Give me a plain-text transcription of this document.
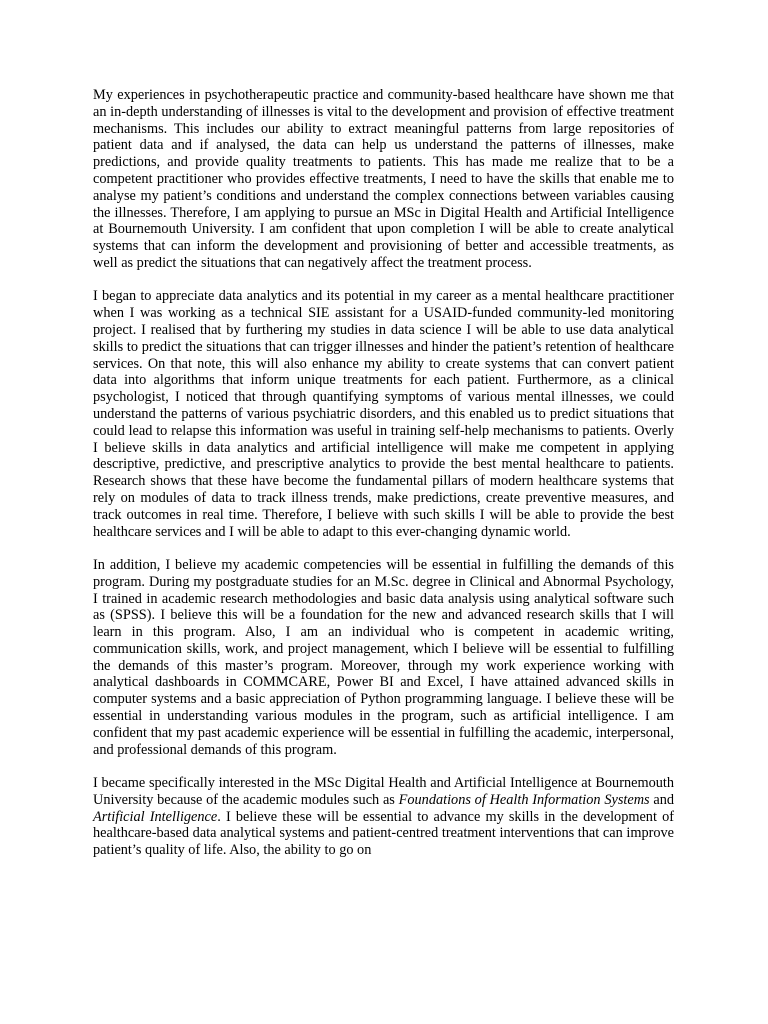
My experiences in psychotherapeutic practice and community-based healthcare have shown me that an in-depth understanding of illnesses is vital to the development and provision of effective treatment mechanisms. This includes our ability to extract meaningful patterns from large repositories of patient data and if analysed, the data can help us understand the patterns of illnesses, make predictions, and provide quality treatments to patients. This has made me realize that to be a competent practitioner who provides effective treatments, I need to have the skills that enable me to analyse my patient’s conditions and understand the complex connections between variables causing the illnesses. Therefore, I am applying to pursue an MSc in Digital Health and Artificial Intelligence at Bournemouth University. I am confident that upon completion I will be able to create analytical systems that can inform the development and provisioning of better and accessible treatments, as well as predict the situations that can negatively affect the treatment process.

I began to appreciate data analytics and its potential in my career as a mental healthcare practitioner when I was working as a technical SIE assistant for a USAID-funded community-led monitoring project. I realised that by furthering my studies in data science I will be able to use data analytical skills to predict the situations that can trigger illnesses and hinder the patient’s retention of healthcare services. On that note, this will also enhance my ability to create systems that can convert patient data into algorithms that inform unique treatments for each patient. Furthermore, as a clinical psychologist, I noticed that through quantifying symptoms of various mental illnesses, we could understand the patterns of various psychiatric disorders, and this enabled us to predict situations that could lead to relapse this information was useful in training self-help mechanisms to patients. Overly I believe skills in data analytics and artificial intelligence will make me competent in applying descriptive, predictive, and prescriptive analytics to provide the best mental healthcare to patients. Research shows that these have become the fundamental pillars of modern healthcare systems that rely on modules of data to track illness trends, make predictions, create preventive measures, and track outcomes in real time. Therefore, I believe with such skills I will be able to provide the best healthcare services and I will be able to adapt to this ever-changing dynamic world.

In addition, I believe my academic competencies will be essential in fulfilling the demands of this program. During my postgraduate studies for an M.Sc. degree in Clinical and Abnormal Psychology, I trained in academic research methodologies and basic data analysis using analytical software such as (SPSS). I believe this will be a foundation for the new and advanced research skills that I will learn in this program. Also, I am an individual who is competent in academic writing, communication skills, work, and project management, which I believe will be essential to fulfilling the demands of this master’s program. Moreover, through my work experience working with analytical dashboards in COMMCARE, Power BI and Excel, I have attained advanced skills in computer systems and a basic appreciation of Python programming language. I believe these will be essential in understanding various modules in the program, such as artificial intelligence. I am confident that my past academic experience will be essential in fulfilling the academic, interpersonal, and professional demands of this program.

I became specifically interested in the MSc Digital Health and Artificial Intelligence at Bournemouth University because of the academic modules such as Foundations of Health Information Systems and Artificial Intelligence. I believe these will be essential to advance my skills in the development of healthcare-based data analytical systems and patient-centred treatment interventions that can improve patient’s quality of life. Also, the ability to go on
